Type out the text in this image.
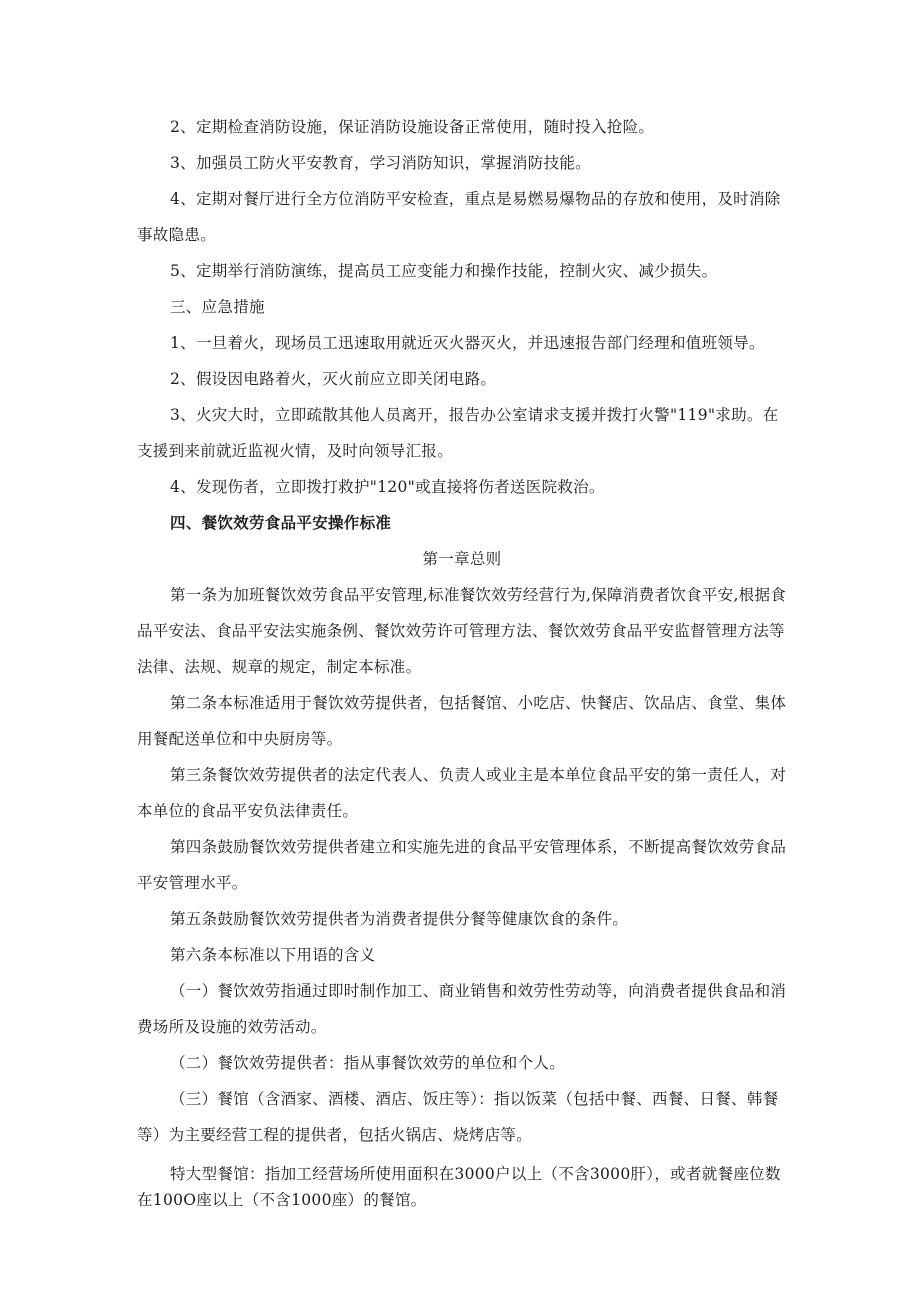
2、定期检查消防设施，保证消防设施设备正常使用，随时投入抢险。

3、加强员工防火平安教育，学习消防知识，掌握消防技能。

4、定期对餐厅进行全方位消防平安检查，重点是易燃易爆物品的存放和使用，及时消除事故隐患。

5、定期举行消防演练，提高员工应变能力和操作技能，控制火灾、减少损失。

三、应急措施

1、一旦着火，现场员工迅速取用就近灭火器灭火，并迅速报告部门经理和值班领导。

2、假设因电路着火，灭火前应立即关闭电路。

3、火灾大时，立即疏散其他人员离开，报告办公室请求支援并拨打火警"119"求助。在支援到来前就近监视火情，及时向领导汇报。

4、发现伤者，立即拨打救护"120"或直接将伤者送医院救治。

四、餐饮效劳食品平安操作标准

第一章总则

第一条为加班餐饮效劳食品平安管理,标准餐饮效劳经营行为,保障消费者饮食平安,根据食品平安法、食品平安法实施条例、餐饮效劳许可管理方法、餐饮效劳食品平安监督管理方法等法律、法规、规章的规定，制定本标准。

第二条本标准适用于餐饮效劳提供者，包括餐馆、小吃店、快餐店、饮品店、食堂、集体用餐配送单位和中央厨房等。

第三条餐饮效劳提供者的法定代表人、负责人或业主是本单位食品平安的第一责任人，对本单位的食品平安负法律责任。

第四条鼓励餐饮效劳提供者建立和实施先进的食品平安管理体系，不断提高餐饮效劳食品平安管理水平。

第五条鼓励餐饮效劳提供者为消费者提供分餐等健康饮食的条件。

第六条本标准以下用语的含义

（一）餐饮效劳指通过即时制作加工、商业销售和效劳性劳动等，向消费者提供食品和消费场所及设施的效劳活动。

（二）餐饮效劳提供者：指从事餐饮效劳的单位和个人。

（三）餐馆（含酒家、酒楼、酒店、饭庄等）：指以饭菜（包括中餐、西餐、日餐、韩餐等）为主要经营工程的提供者，包括火锅店、烧烤店等。

特大型餐馆：指加工经营场所使用面积在3000户以上（不含3000肝），或者就餐座位数在100O座以上（不含1000座）的餐馆。
